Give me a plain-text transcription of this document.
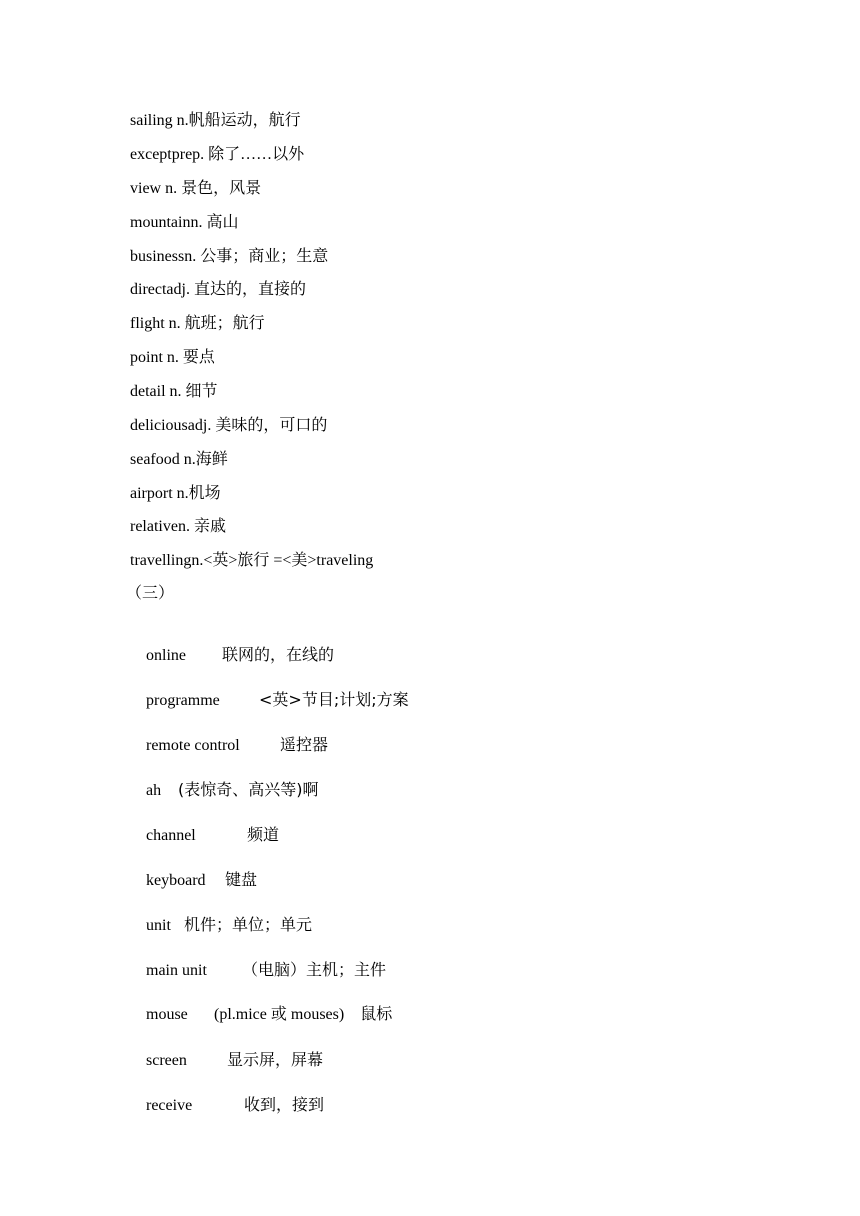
sailing n.帆船运动，航行
exceptprep. 除了……以外
view n. 景色，风景
mountainn. 高山
businessn. 公事；商业；生意
directadj. 直达的，直接的
flight n. 航班；航行
point n. 要点
detail n. 细节
deliciousadj. 美味的，可口的
seafood n.海鲜
airport n.机场
relativen. 亲戚
travellingn.<英>旅行 =<美>traveling
（三）

online 联网的，在线的

programme <英>节目;计划;方案

remote control	遥控器

ah (表惊奇、高兴等)啊

channel	频道

keyboard 键盘

unit 机件；单位；单元

main unit （电脑）主机；主件

mouse (pl.mice 或 mouses)　鼠标

screen	显示屏，屏幕

receive	收到，接到
